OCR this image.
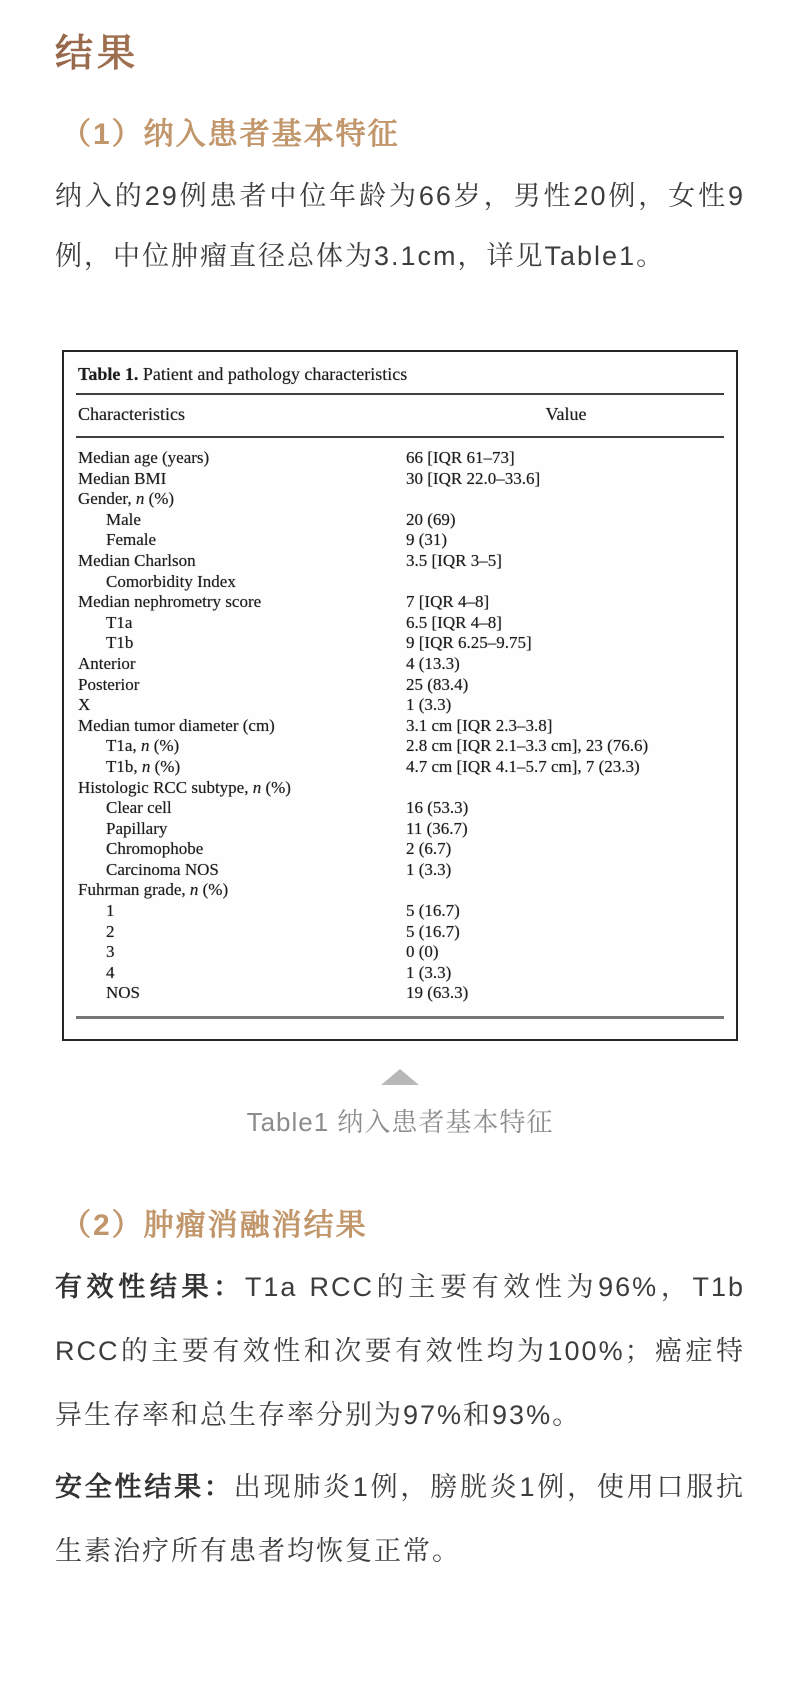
结果
（1）纳入患者基本特征

纳入的29例患者中位年龄为66岁，男性20例，女性9例，中位肿瘤直径总体为3.1cm，详见Table1。

Table 1. Patient and pathology characteristics
Characteristics	Value
Median age (years)	66 [IQR 61–73]
Median BMI	30 [IQR 22.0–33.6]
Gender, n (%)
Male	20 (69)
Female	9 (31)
Median Charlson	3.5 [IQR 3–5]
Comorbidity Index
Median nephrometry score	7 [IQR 4–8]
T1a	6.5 [IQR 4–8]
T1b	9 [IQR 6.25–9.75]
Anterior	4 (13.3)
Posterior	25 (83.4)
X	1 (3.3)
Median tumor diameter (cm)	3.1 cm [IQR 2.3–3.8]
T1a, n (%)	2.8 cm [IQR 2.1–3.3 cm], 23 (76.6)
T1b, n (%)	4.7 cm [IQR 4.1–5.7 cm], 7 (23.3)
Histologic RCC subtype, n (%)
Clear cell	16 (53.3)
Papillary	11 (36.7)
Chromophobe	2 (6.7)
Carcinoma NOS	1 (3.3)
Fuhrman grade, n (%)
1	5 (16.7)
2	5 (16.7)
3	0 (0)
4	1 (3.3)
NOS	19 (63.3)
Table1 纳入患者基本特征
（2）肿瘤消融消结果

有效性结果：T1a RCC的主要有效性为96%，T1b RCC的主要有效性和次要有效性均为100%；癌症特异生存率和总生存率分别为97%和93%。

安全性结果：出现肺炎1例，膀胱炎1例，使用口服抗生素治疗所有患者均恢复正常。
